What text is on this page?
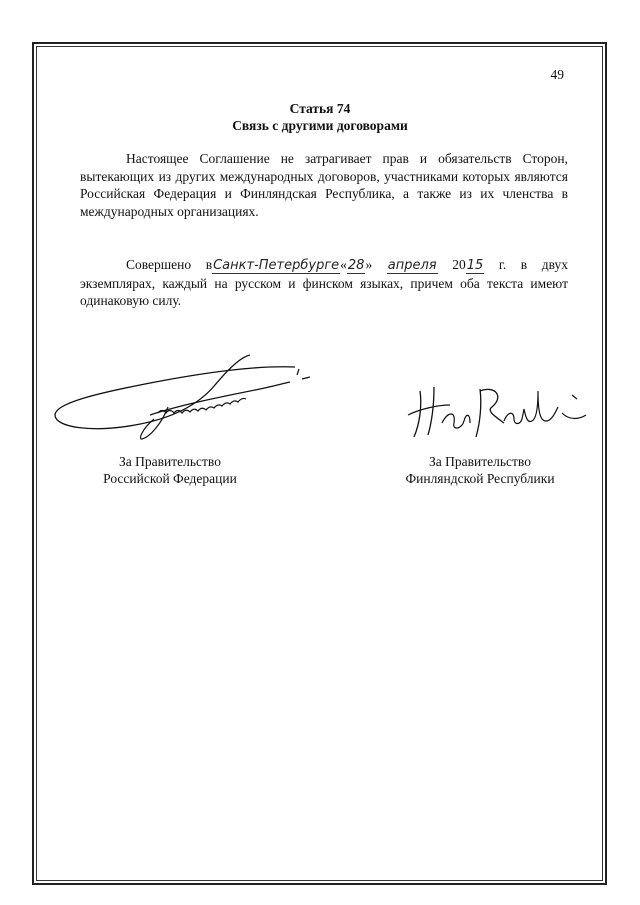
49
Статья 74
Связь с другими договорами
Настоящее Соглашение не затрагивает прав и обязательств Сторон, вытекающих из других международных договоров, участниками которых являются Российская Федерация и Финляндская Республика, а также из их членства в международных организациях.
Совершено вСанкт-Петербурге«28» апреля 2015 г. в двух экземплярах, каждый на русском и финском языках, причем оба текста имеют одинаковую силу.
За Правительство
Российской Федерации
За Правительство
Финляндской Республики
